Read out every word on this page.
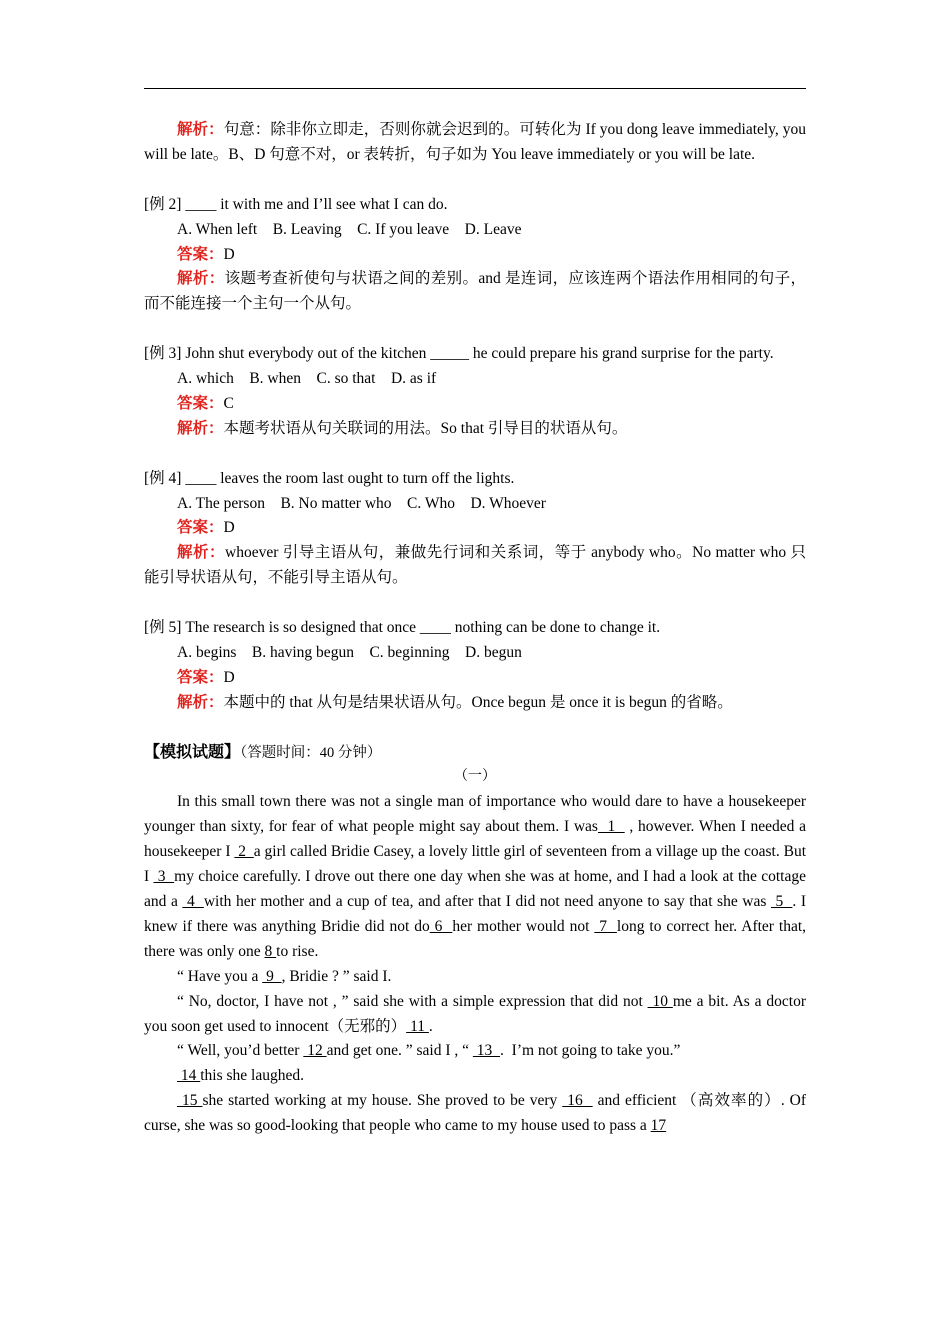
解析：句意：除非你立即走，否则你就会迟到的。可转化为 If you dong leave immediately, you will be late。B、D 句意不对，or 表转折，句子如为 You leave immediately or you will be late.

[例 2] ____ it with me and I’ll see what I can do.

A. When left    B. Leaving    C. If you leave    D. Leave

答案：D

解析：该题考查祈使句与状语之间的差别。and 是连词，应该连两个语法作用相同的句子，而不能连接一个主句一个从句。

[例 3] John shut everybody out of the kitchen _____ he could prepare his grand surprise for the party.

A. which    B. when    C. so that    D. as if

答案：C

解析：本题考状语从句关联词的用法。So that 引导目的状语从句。

[例 4] ____ leaves the room last ought to turn off the lights.

A. The person    B. No matter who    C. Who    D. Whoever

答案：D

解析：whoever 引导主语从句，兼做先行词和关系词，等于 anybody who。No matter who 只能引导状语从句，不能引导主语从句。

[例 5] The research is so designed that once ____ nothing can be done to change it.

A. begins    B. having begun    C. beginning    D. begun

答案：D

解析：本题中的 that 从句是结果状语从句。Once begun 是 once it is begun 的省略。

【模拟试题】（答题时间：40 分钟）

（一）

In this small town there was not a single man of importance who would dare to have a housekeeper younger than sixty, for fear of what people might say about them. I was  1   , however. When I needed a housekeeper I  2  a girl called Bridie Casey, a lovely little girl of seventeen from a village up the coast. But I  3  my choice carefully. I drove out there one day when she was at home, and I had a look at the cottage and a  4  with her mother and a cup of tea, and after that I did not need anyone to say that she was  5  . I knew if there was anything Bridie did not do 6  her mother would not  7  long to correct her. After that, there was only one 8 to rise.

“ Have you a  9  , Bridie ? ” said I.

“ No, doctor, I have not , ” said she with a simple expression that did not  10 me a bit. As a doctor you soon get used to innocent（无邪的） 11 .

“ Well, you’d better  12 and get one. ” said I , “  13  .  I’m not going to take you.”

14 this she laughed.

15 she started working at my house. She proved to be very  16   and efficient （高效率的）. Of curse, she was so good-looking that people who came to my house used to pass a 17
